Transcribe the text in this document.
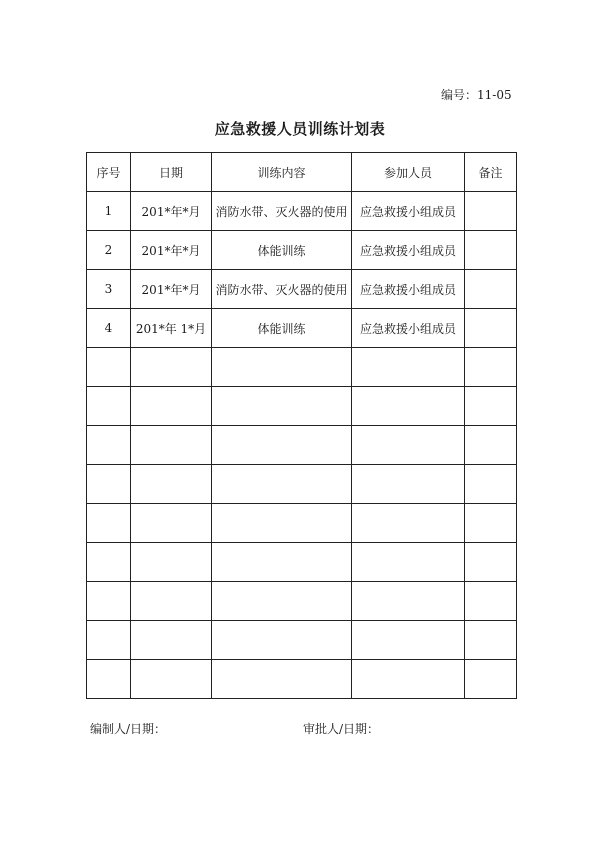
编号：11-05
应急救援人员训练计划表
序号	日期	训练内容	参加人员	备注
1	201*年*月	消防水带、灭火器的使用	应急救援小组成员	
2	201*年*月	体能训练	应急救援小组成员	
3	201*年*月	消防水带、灭火器的使用	应急救援小组成员	
4	201*年 1*月	体能训练	应急救援小组成员	

编制人/日期：	审批人/日期：
